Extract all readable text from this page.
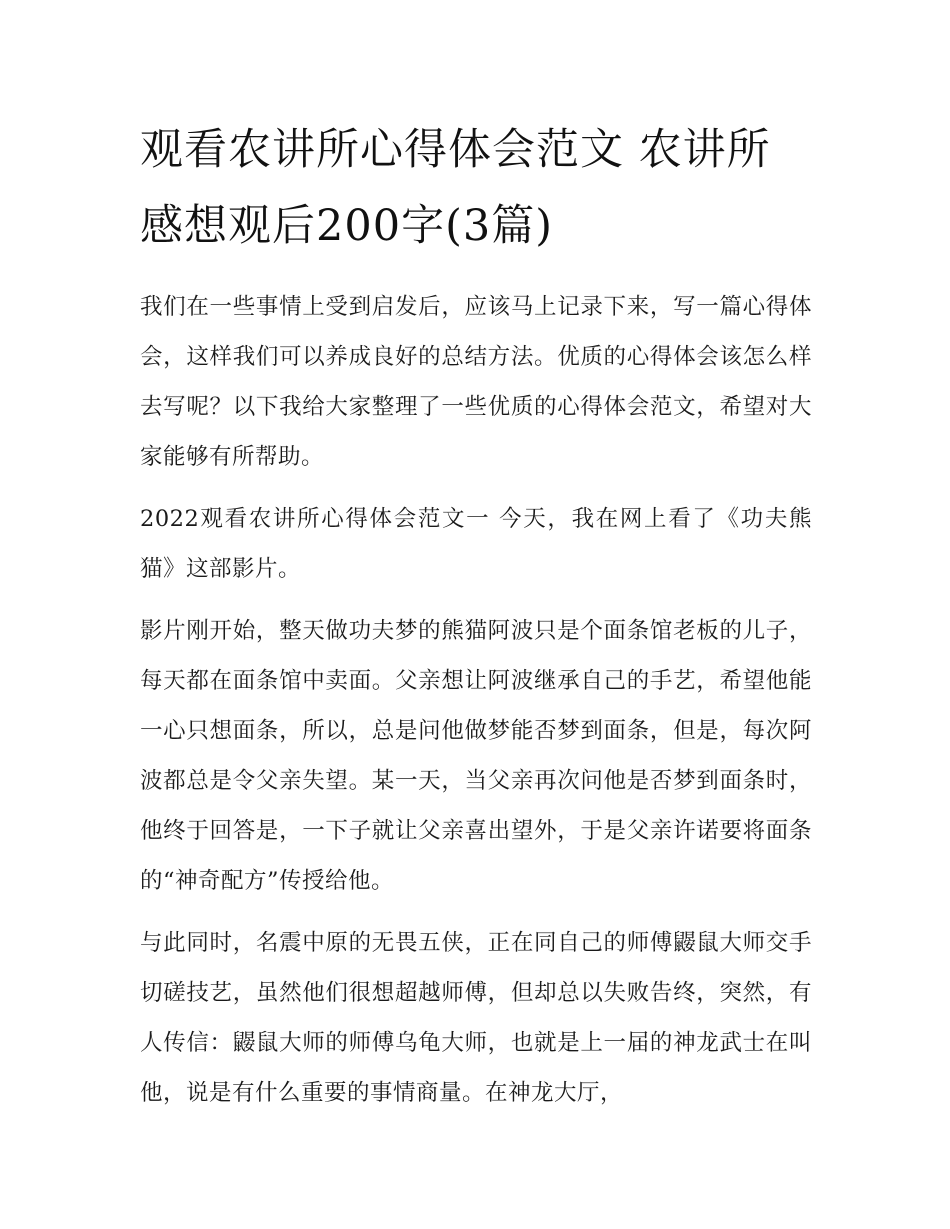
观看农讲所心得体会范文 农讲所感想观后200字(3篇)

我们在一些事情上受到启发后，应该马上记录下来，写一篇心得体会，这样我们可以养成良好的总结方法。优质的心得体会该怎么样去写呢？以下我给大家整理了一些优质的心得体会范文，希望对大家能够有所帮助。

2022观看农讲所心得体会范文一 今天，我在网上看了《功夫熊猫》这部影片。

影片刚开始，整天做功夫梦的熊猫阿波只是个面条馆老板的儿子，每天都在面条馆中卖面。父亲想让阿波继承自己的手艺，希望他能一心只想面条，所以，总是问他做梦能否梦到面条，但是，每次阿波都总是令父亲失望。某一天，当父亲再次问他是否梦到面条时，他终于回答是，一下子就让父亲喜出望外，于是父亲许诺要将面条的“神奇配方”传授给他。

与此同时，名震中原的无畏五侠，正在同自己的师傅鼹鼠大师交手切磋技艺，虽然他们很想超越师傅，但却总以失败告终，突然，有人传信：鼹鼠大师的师傅乌龟大师，也就是上一届的神龙武士在叫他，说是有什么重要的事情商量。在神龙大厅，
